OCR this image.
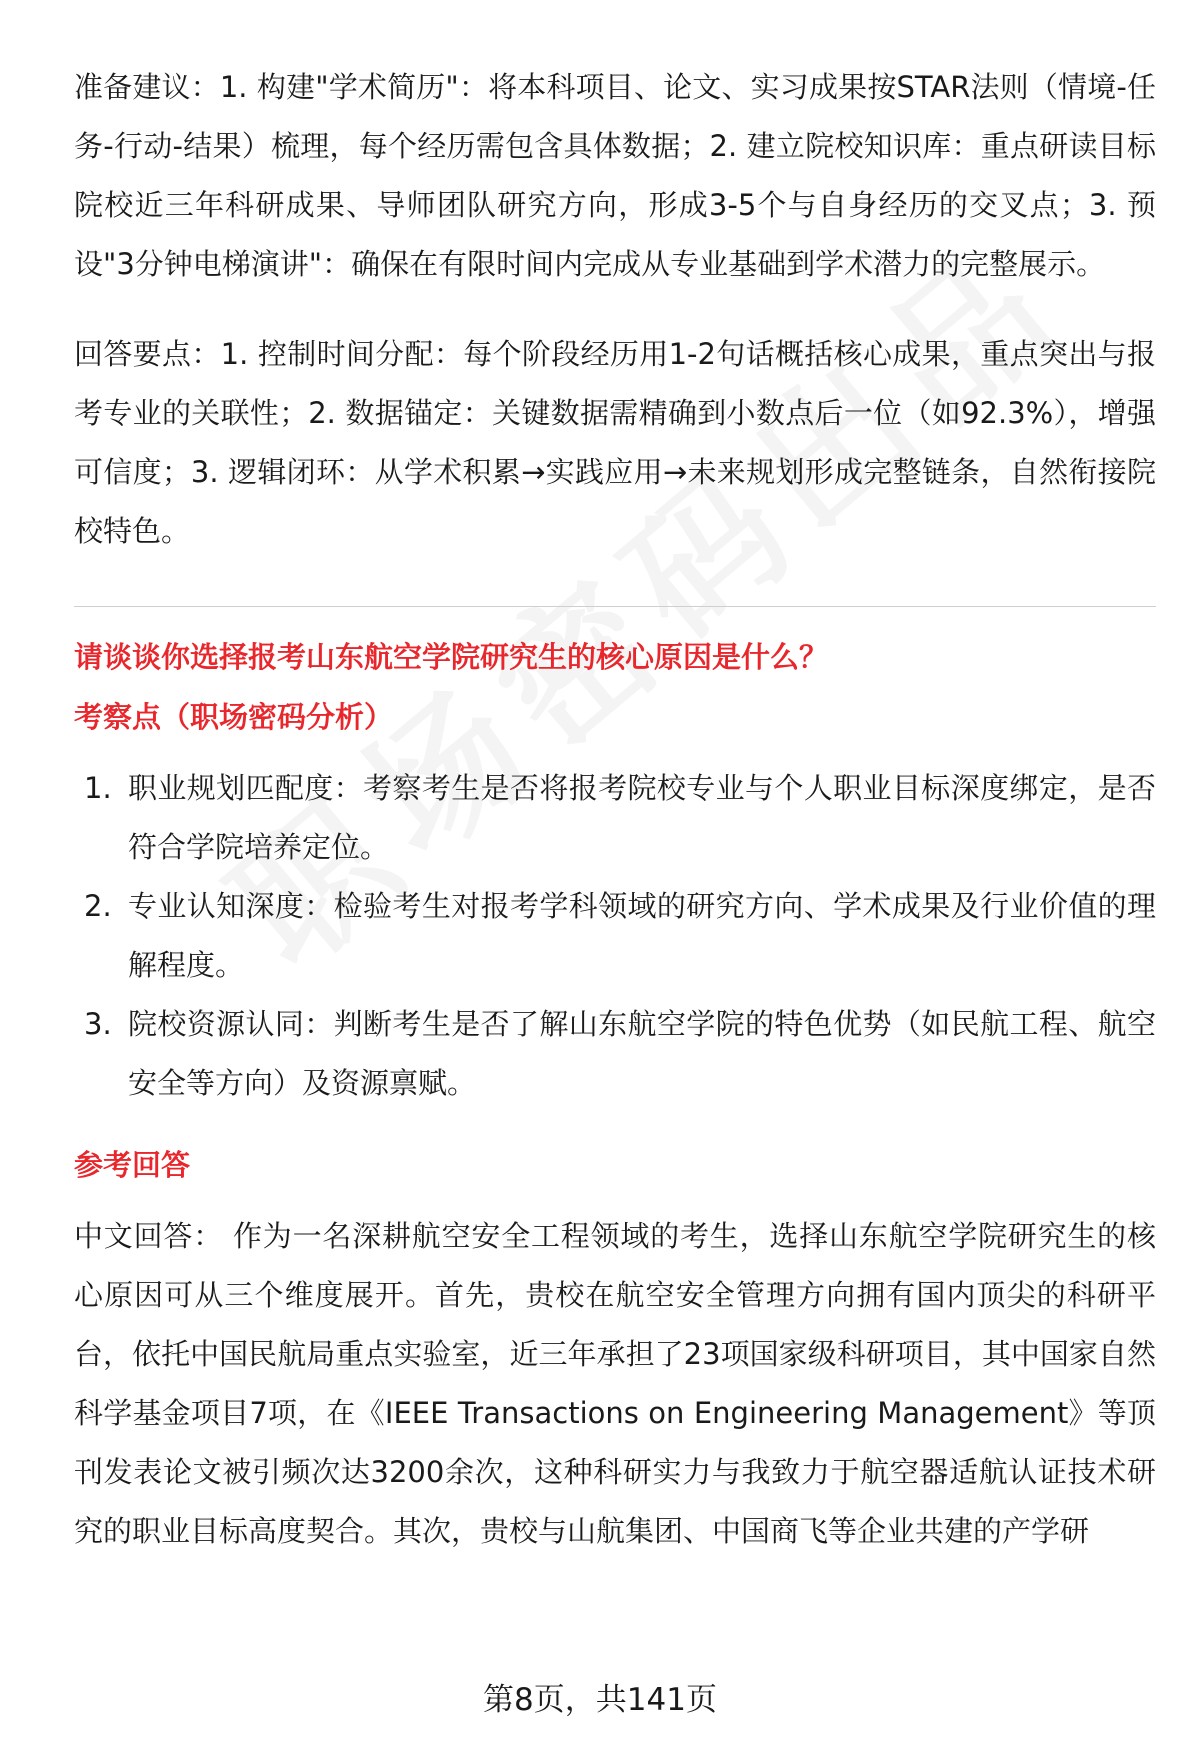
准备建议：1. 构建"学术简历"：将本科项目、论文、实习成果按STAR法则（情境-任务-行动-结果）梳理，每个经历需包含具体数据；2. 建立院校知识库：重点研读目标院校近三年科研成果、导师团队研究方向，形成3-5个与自身经历的交叉点；3. 预设"3分钟电梯演讲"：确保在有限时间内完成从专业基础到学术潜力的完整展示。

回答要点：1. 控制时间分配：每个阶段经历用1-2句话概括核心成果，重点突出与报考专业的关联性；2. 数据锚定：关键数据需精确到小数点后一位（如92.3%），增强可信度；3. 逻辑闭环：从学术积累→实践应用→未来规划形成完整链条，自然衔接院校特色。

请谈谈你选择报考山东航空学院研究生的核心原因是什么？

考察点（职场密码分析）

1. 职业规划匹配度：考察考生是否将报考院校专业与个人职业目标深度绑定，是否符合学院培养定位。
2. 专业认知深度：检验考生对报考学科领域的研究方向、学术成果及行业价值的理解程度。
3. 院校资源认同：判断考生是否了解山东航空学院的特色优势（如民航工程、航空安全等方向）及资源禀赋。

参考回答

中文回答： 作为一名深耕航空安全工程领域的考生，选择山东航空学院研究生的核心原因可从三个维度展开。首先，贵校在航空安全管理方向拥有国内顶尖的科研平台，依托中国民航局重点实验室，近三年承担了23项国家级科研项目，其中国家自然科学基金项目7项，在《IEEE Transactions on Engineering Management》等顶刊发表论文被引频次达3200余次，这种科研实力与我致力于航空器适航认证技术研究的职业目标高度契合。其次，贵校与山航集团、中国商飞等企业共建的产学研

第8页，共141页
